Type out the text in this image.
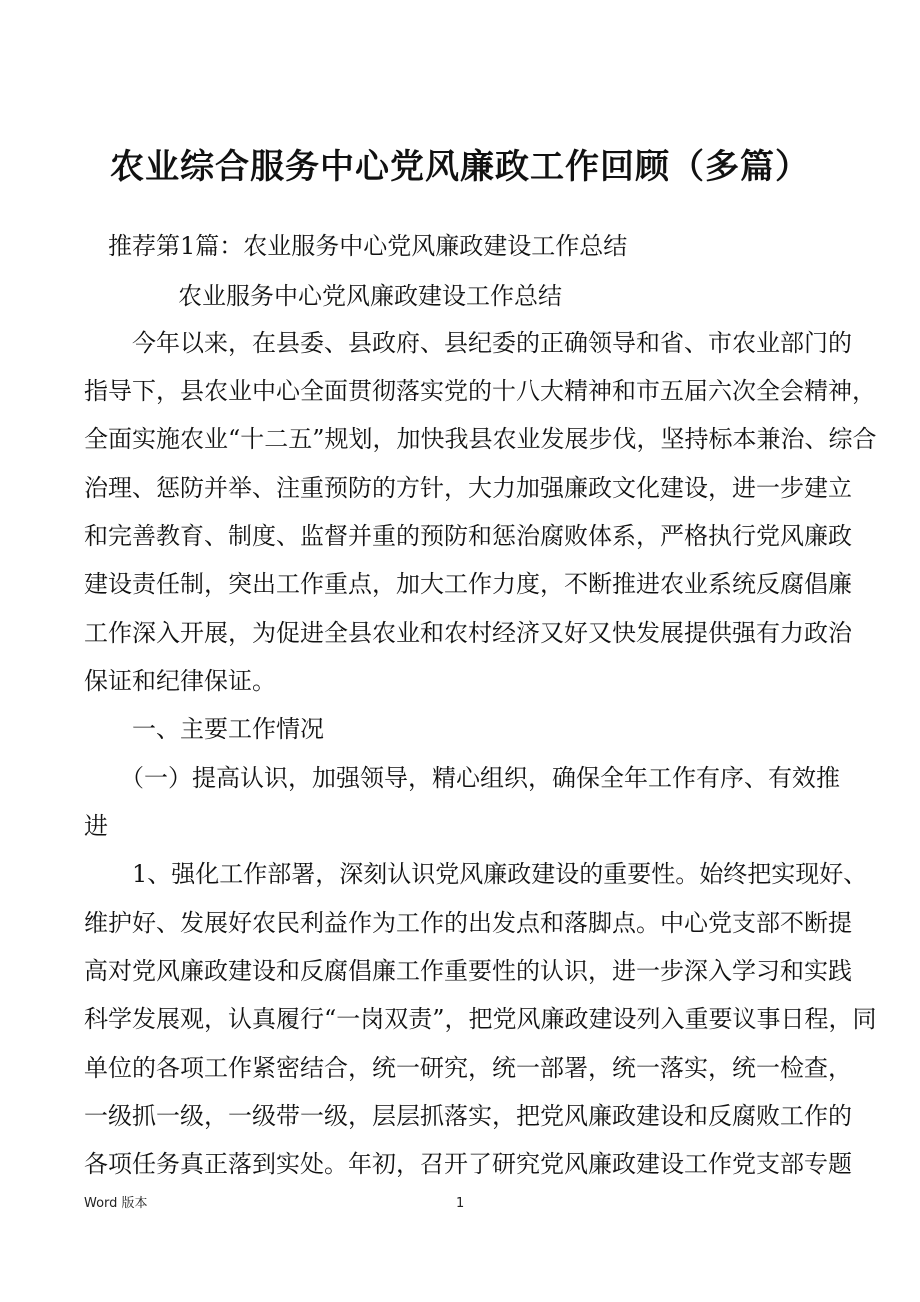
农业综合服务中心党风廉政工作回顾（多篇）
推荐第1篇：农业服务中心党风廉政建设工作总结
农业服务中心党风廉政建设工作总结
今年以来，在县委、县政府、县纪委的正确领导和省、市农业部门的
指导下，县农业中心全面贯彻落实党的十八大精神和市五届六次全会精神，
全面实施农业“十二五”规划，加快我县农业发展步伐，坚持标本兼治、综合
治理、惩防并举、注重预防的方针，大力加强廉政文化建设，进一步建立
和完善教育、制度、监督并重的预防和惩治腐败体系，严格执行党风廉政
建设责任制，突出工作重点，加大工作力度，不断推进农业系统反腐倡廉
工作深入开展，为促进全县农业和农村经济又好又快发展提供强有力政治
保证和纪律保证。
一、主要工作情况
（一）提高认识，加强领导，精心组织，确保全年工作有序、有效推
进
1、强化工作部署，深刻认识党风廉政建设的重要性。始终把实现好、
维护好、发展好农民利益作为工作的出发点和落脚点。中心党支部不断提
高对党风廉政建设和反腐倡廉工作重要性的认识，进一步深入学习和实践
科学发展观，认真履行“一岗双责”，把党风廉政建设列入重要议事日程，同
单位的各项工作紧密结合，统一研究，统一部署，统一落实，统一检查，
一级抓一级，一级带一级，层层抓落实，把党风廉政建设和反腐败工作的
各项任务真正落到实处。年初，召开了研究党风廉政建设工作党支部专题
Word 版本	1
